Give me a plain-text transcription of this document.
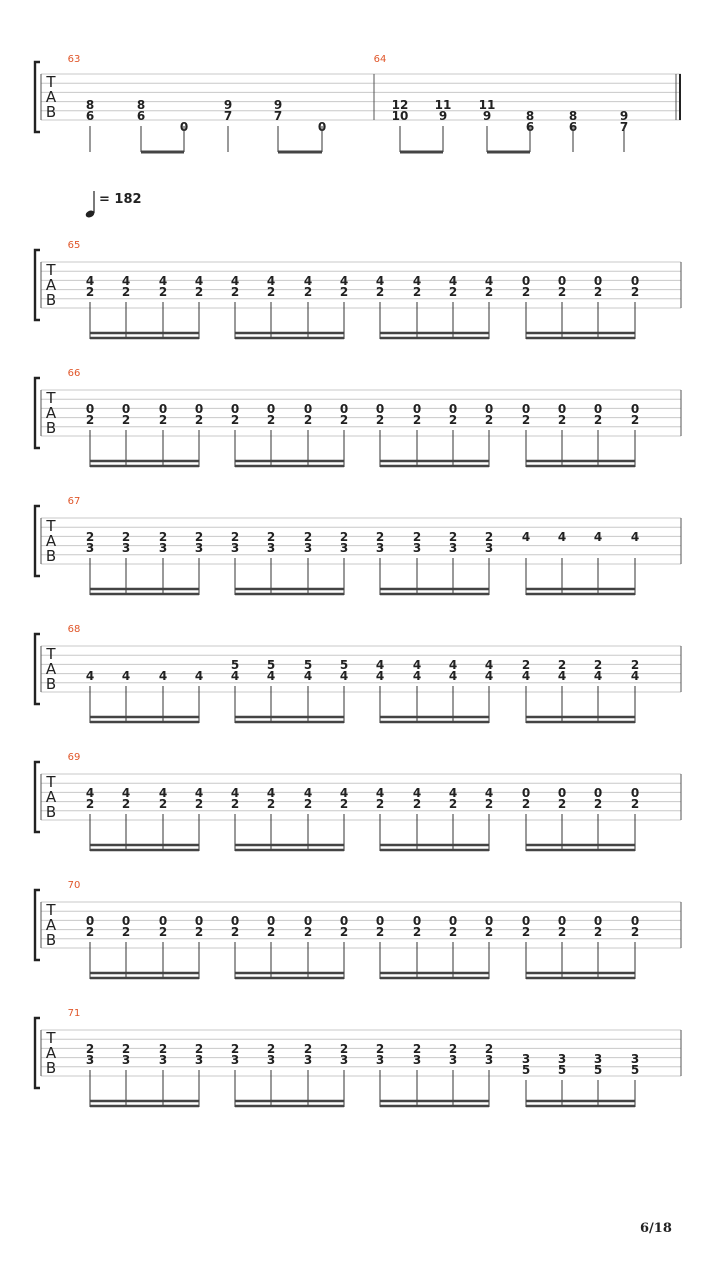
T
A
B
63
8
6
8
6
0
9
7
9
7
0
64
12
10
11
9
11
9	8
6
8
6
9
7
= 182
T
A
B
65
4
2
4
2
4
2
4
2
4
2
4
2
4
2
4
2
4
2
4
2
4
2
4
2
0
2
0
2
0
2
0
2
T
A
B
66
0
2
0
2
0
2
0
2
0
2
0
2
0
2
0
2
0
2
0
2
0
2
0
2
0
2
0
2
0
2
0
2
T
A
B
67
2
3
2
3
2
3
2
3
2
3
2
3
2
3
2
3
2
3
2
3
2
3
2
3
4 4 4 4
T
A
B
68
4 4 4 4
5
4
5
4
5
4
5
4
4
4
4
4
4
4
4
4
2
4
2
4
2
4
2
4
T
A
B
69
4
2
4
2
4
2
4
2
4
2
4
2
4
2
4
2
4
2
4
2
4
2
4
2
0
2
0
2
0
2
0
2
T
A
B
70
0
2
0
2
0
2
0
2
0
2
0
2
0
2
0
2
0
2
0
2
0
2
0
2
0
2
0
2
0
2
0
2
T
A
B
71
2
3
2
3
2
3
2
3
2
3
2
3
2
3
2
3
2
3
2
3
2
3
2
3 3
5
3
5
3
5
3
5
6/18
